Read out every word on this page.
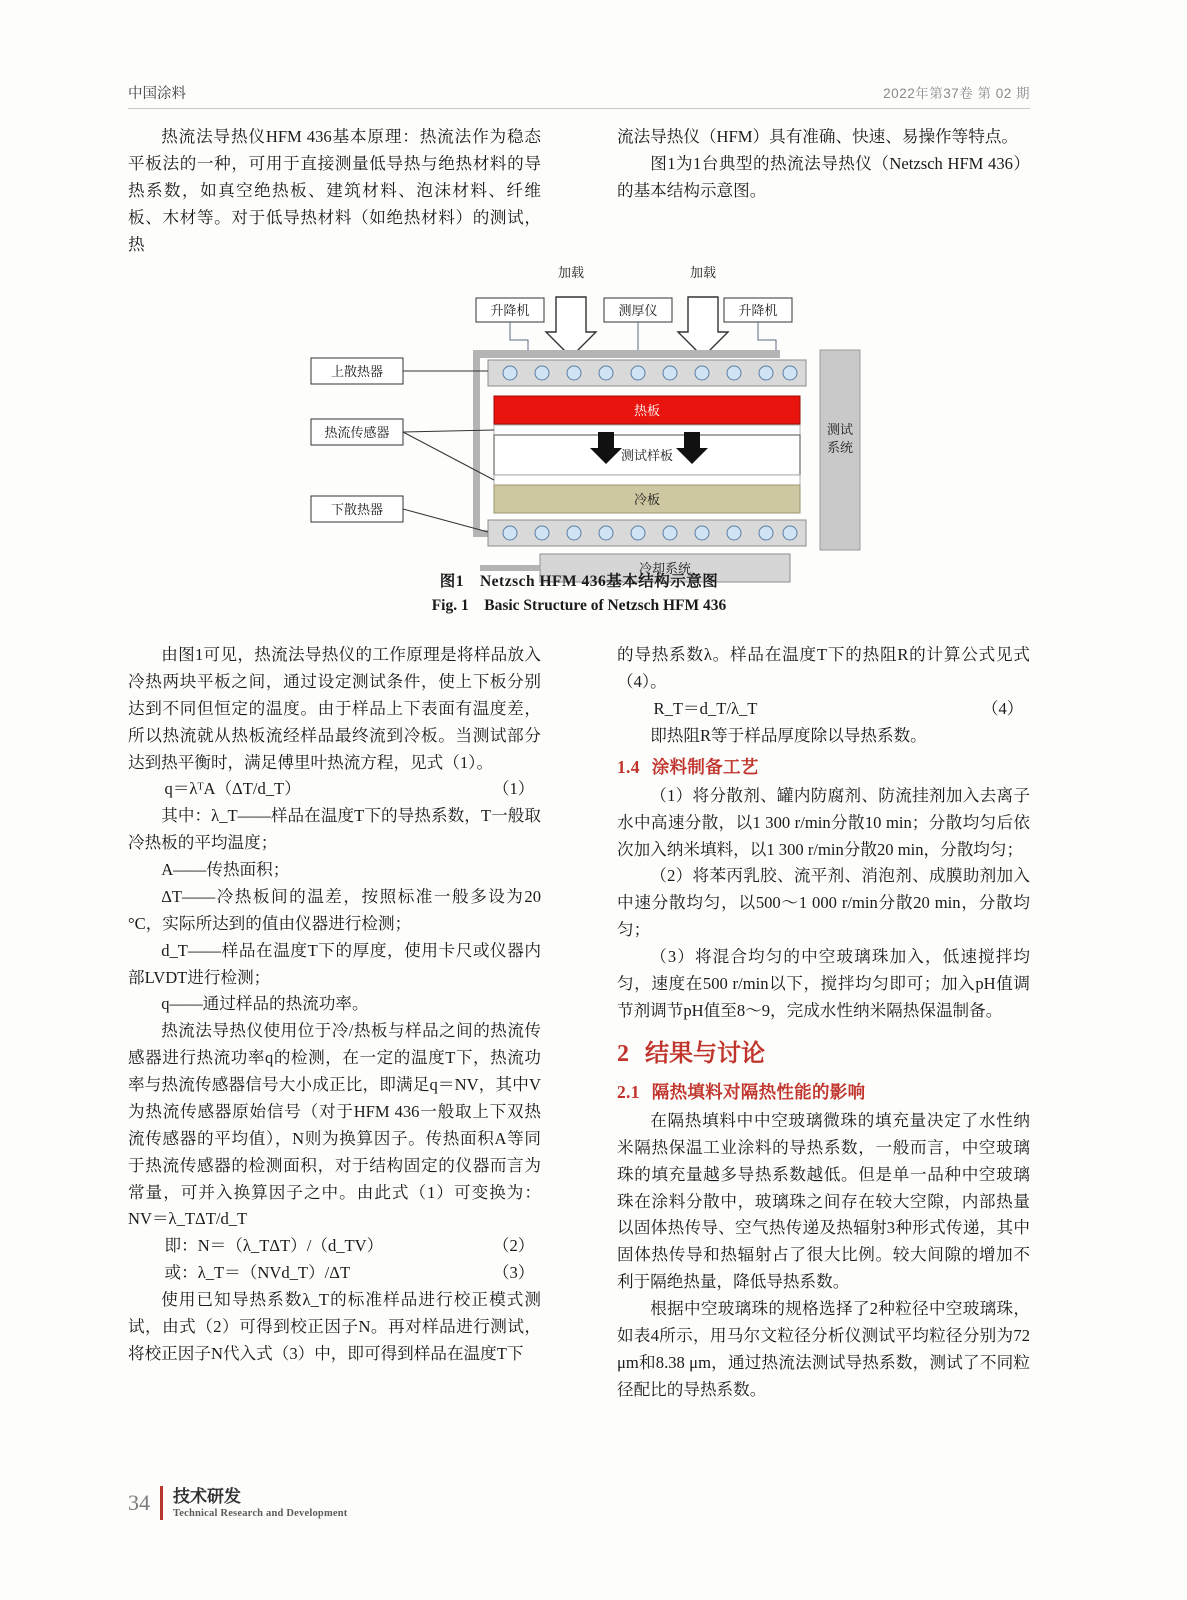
中国涂料	2022年第37卷 第 02 期

热流法导热仪HFM 436基本原理：热流法作为稳态平板法的一种，可用于直接测量低导热与绝热材料的导热系数，如真空绝热板、建筑材料、泡沫材料、纤维板、木材等。对于低导热材料（如绝热材料）的测试，热

流法导热仪（HFM）具有准确、快速、易操作等特点。

图1为1台典型的热流法导热仪（Netzsch HFM 436）的基本结构示意图。

加载	加载
升降机	测厚仪	升降机
测试
系统
热板
测试样板
冷板
冷却系统
上散热器
热流传感器
下散热器
图1　Netzsch HFM 436基本结构示意图
Fig. 1　Basic Structure of Netzsch HFM 436

由图1可见，热流法导热仪的工作原理是将样品放入冷热两块平板之间，通过设定测试条件，使上下板分别达到不同但恒定的温度。由于样品上下表面有温度差，所以热流就从热板流经样品最终流到冷板。当测试部分达到热平衡时，满足傅里叶热流方程，见式（1）。

q＝λᵀA（ΔT/d_T）	（1）

其中：λ_T——样品在温度T下的导热系数，T一般取冷热板的平均温度；

A——传热面积；

ΔT——冷热板间的温差，按照标准一般多设为20 °C，实际所达到的值由仪器进行检测；

d_T——样品在温度T下的厚度，使用卡尺或仪器内部LVDT进行检测；

q——通过样品的热流功率。

热流法导热仪使用位于冷/热板与样品之间的热流传感器进行热流功率q的检测，在一定的温度T下，热流功率与热流传感器信号大小成正比，即满足q＝NV，其中V为热流传感器原始信号（对于HFM 436一般取上下双热流传感器的平均值），N则为换算因子。传热面积A等同于热流传感器的检测面积，对于结构固定的仪器而言为常量，可并入换算因子之中。由此式（1）可变换为：NV＝λ_TΔT/d_T

即：N＝（λ_TΔT）/（d_TV）	（2）
或：λ_T＝（NVd_T）/ΔT	（3）

使用已知导热系数λ_T的标准样品进行校正模式测试，由式（2）可得到校正因子N。再对样品进行测试，将校正因子N代入式（3）中，即可得到样品在温度T下

的导热系数λ。样品在温度T下的热阻R的计算公式见式（4）。

R_T＝d_T/λ_T	（4）

即热阻R等于样品厚度除以导热系数。

1.4 涂料制备工艺

（1）将分散剂、罐内防腐剂、防流挂剂加入去离子水中高速分散，以1 300 r/min分散10 min；分散均匀后依次加入纳米填料，以1 300 r/min分散20 min，分散均匀；

（2）将苯丙乳胶、流平剂、消泡剂、成膜助剂加入中速分散均匀，以500～1 000 r/min分散20 min，分散均匀；

（3）将混合均匀的中空玻璃珠加入，低速搅拌均匀，速度在500 r/min以下，搅拌均匀即可；加入pH值调节剂调节pH值至8～9，完成水性纳米隔热保温制备。

2 结果与讨论
2.1 隔热填料对隔热性能的影响

在隔热填料中中空玻璃微珠的填充量决定了水性纳米隔热保温工业涂料的导热系数，一般而言，中空玻璃珠的填充量越多导热系数越低。但是单一品种中空玻璃珠在涂料分散中，玻璃珠之间存在较大空隙，内部热量以固体热传导、空气热传递及热辐射3种形式传递，其中固体热传导和热辐射占了很大比例。较大间隙的增加不利于隔绝热量，降低导热系数。

根据中空玻璃珠的规格选择了2种粒径中空玻璃珠，如表4所示，用马尔文粒径分析仪测试平均粒径分别为72 μm和8.38 μm，通过热流法测试导热系数，测试了不同粒径配比的导热系数。

34 技术研发
Technical Research and Development
